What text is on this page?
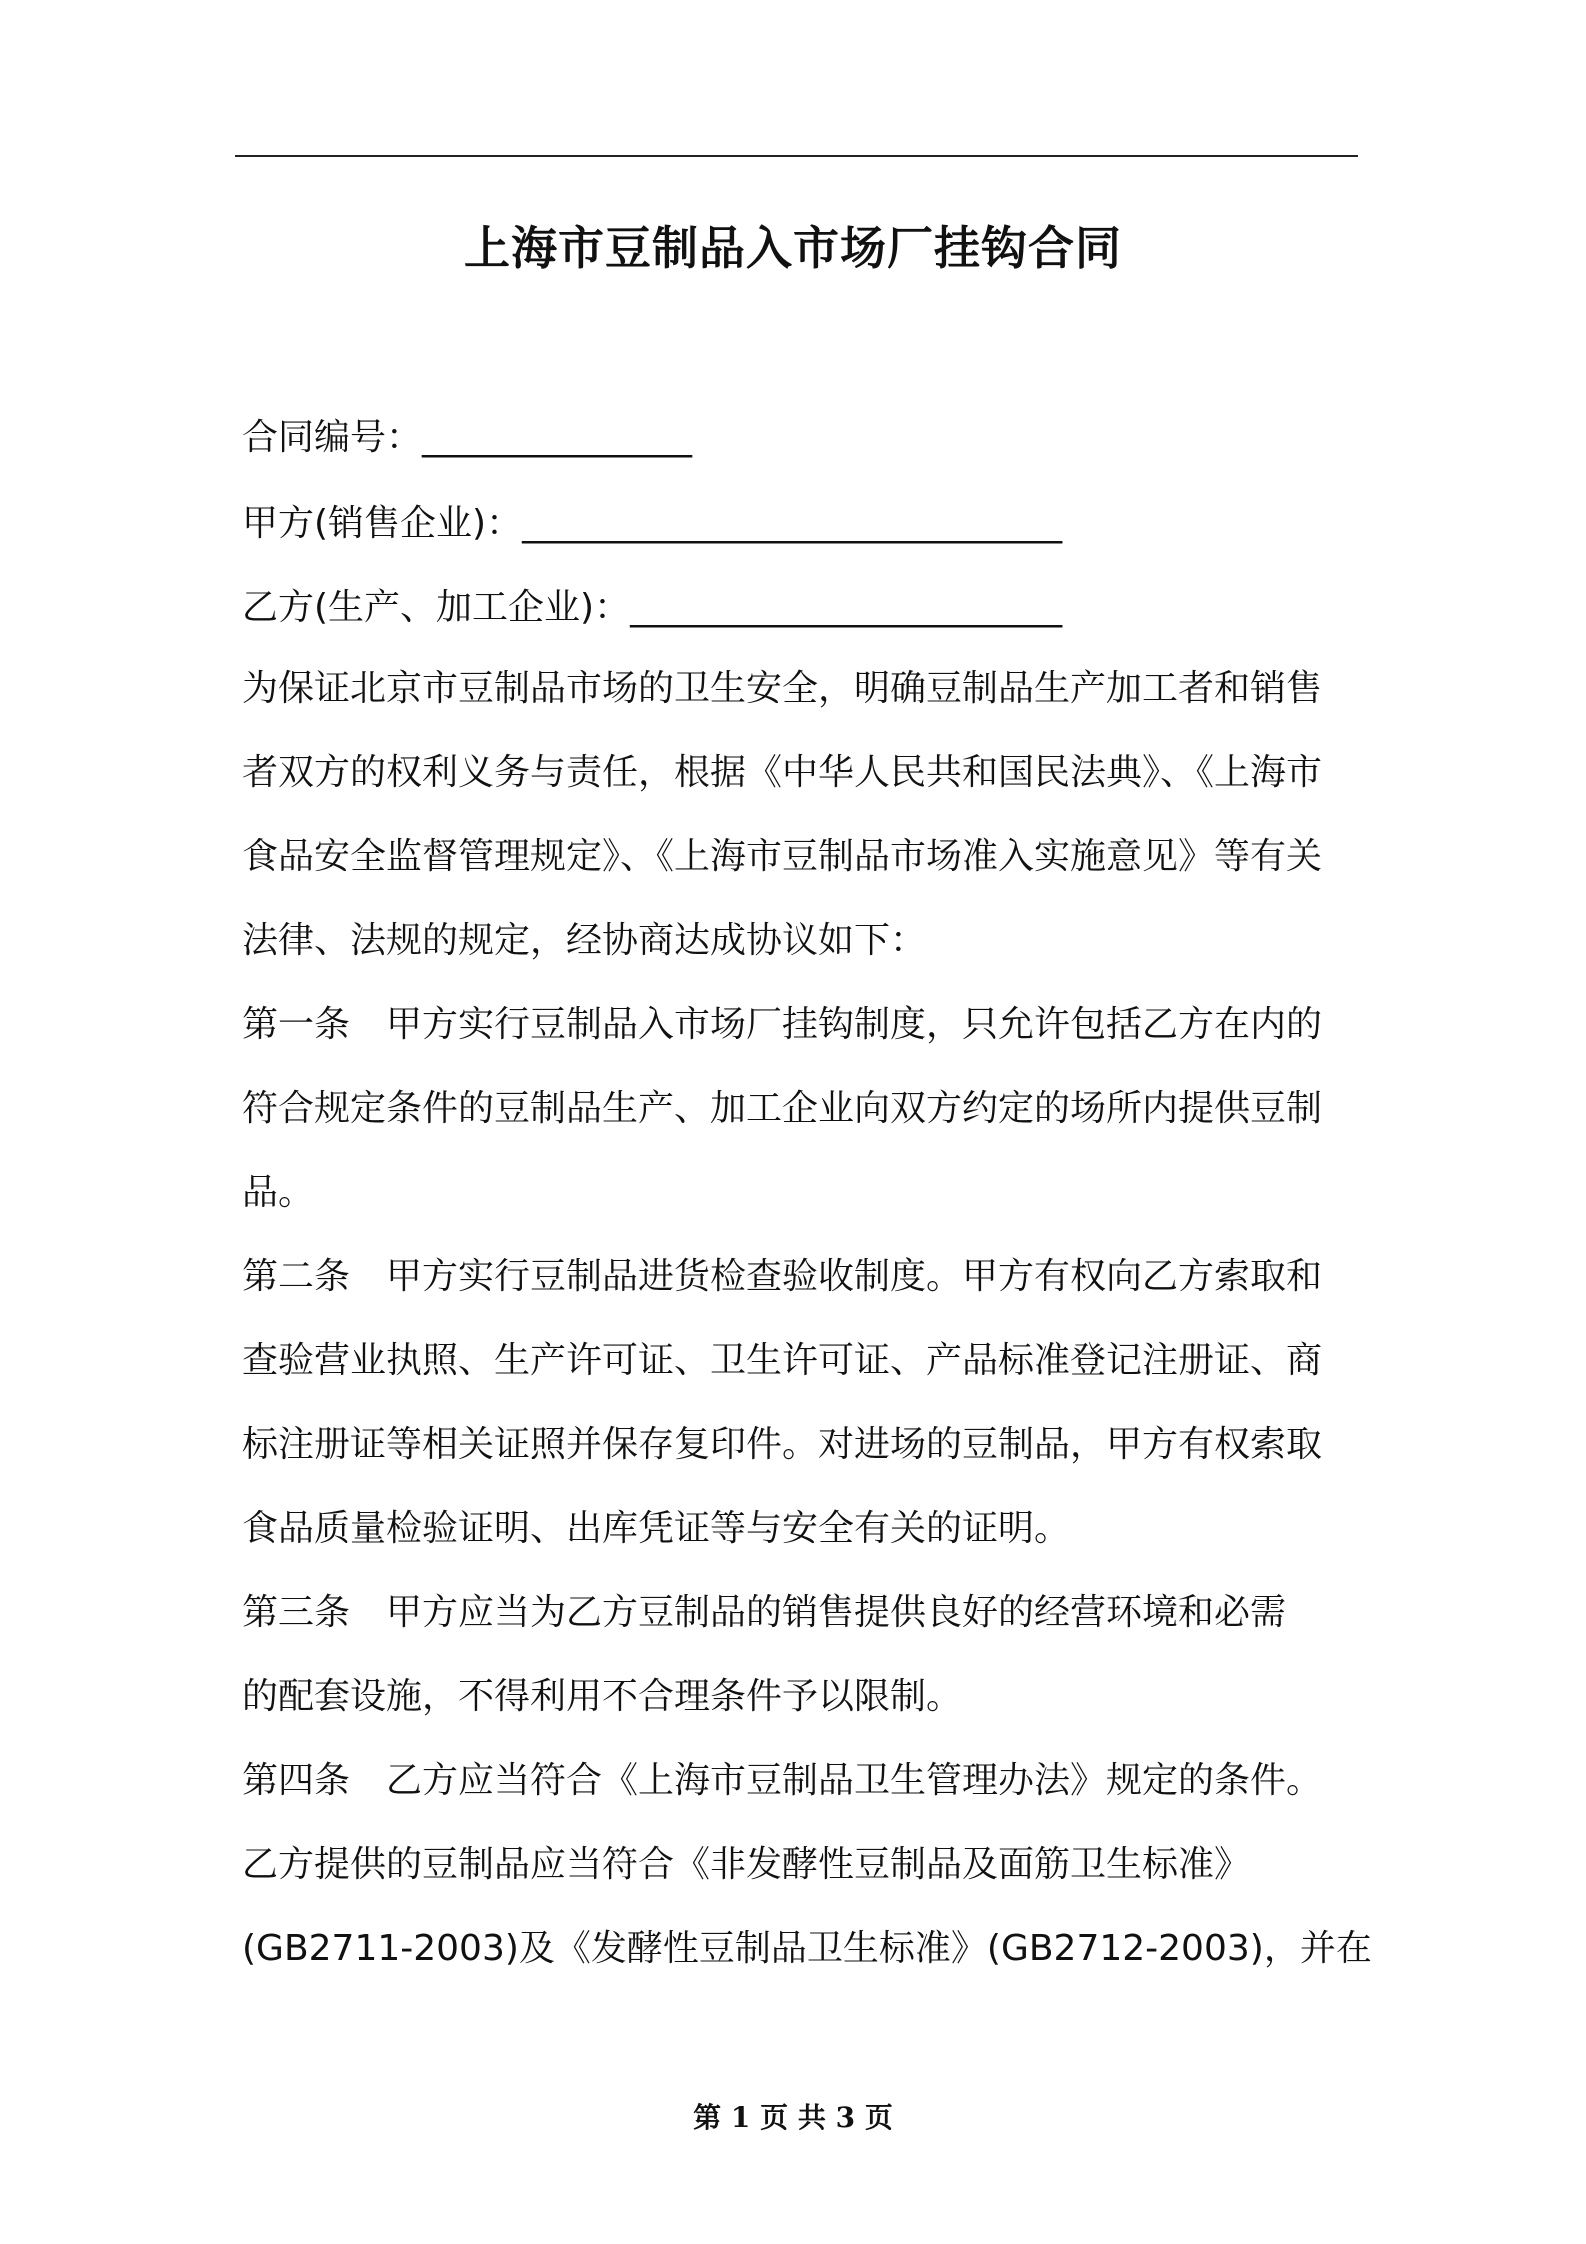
上海市豆制品入市场厂挂钩合同
合同编号：_______________
甲方(销售企业)：______________________________
乙方(生产、加工企业)：________________________
为保证北京市豆制品市场的卫生安全，明确豆制品生产加工者和销售
者双方的权利义务与责任，根据《中华人民共和国民法典》、《上海市
食品安全监督管理规定》、《上海市豆制品市场准入实施意见》等有关
法律、法规的规定，经协商达成协议如下：
第一条 甲方实行豆制品入市场厂挂钩制度，只允许包括乙方在内的
符合规定条件的豆制品生产、加工企业向双方约定的场所内提供豆制
品。
第二条 甲方实行豆制品进货检查验收制度。甲方有权向乙方索取和
查验营业执照、生产许可证、卫生许可证、产品标准登记注册证、商
标注册证等相关证照并保存复印件。对进场的豆制品，甲方有权索取
食品质量检验证明、出库凭证等与安全有关的证明。
第三条 甲方应当为乙方豆制品的销售提供良好的经营环境和必需
的配套设施，不得利用不合理条件予以限制。
第四条 乙方应当符合《上海市豆制品卫生管理办法》规定的条件。
乙方提供的豆制品应当符合《非发酵性豆制品及面筋卫生标准》
(GB2711-2003)及《发酵性豆制品卫生标准》(GB2712-2003)，并在
第 1 页 共 3 页
